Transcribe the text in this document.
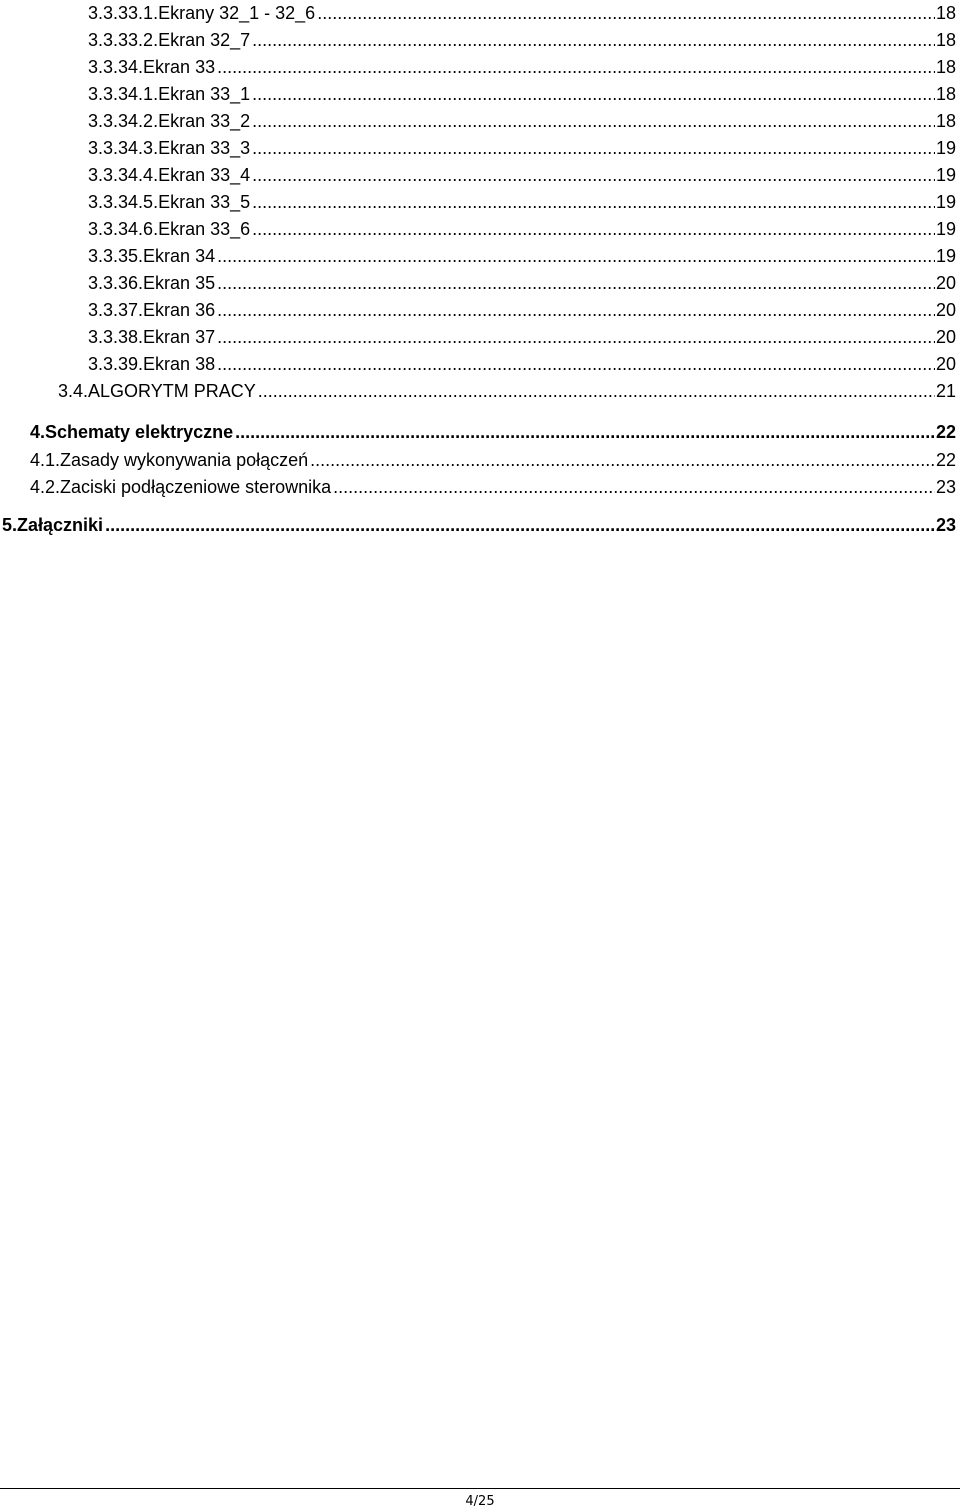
3.3.33.1 . Ekrany 32_1 - 32_6 .....	18
3.3.33.2 . Ekran 32_7 .....	18
3.3.34. Ekran 33 .....	18
3.3.34.1 . Ekran 33_1 .....	18
3.3.34.2 . Ekran 33_2 .....	18
3.3.34.3 . Ekran 33_3 .....	19
3.3.34.4 . Ekran 33_4 .....	19
3.3.34.5 . Ekran 33_5 .....	19
3.3.34.6 . Ekran 33_6 .....	19
3.3.35. Ekran 34 .....	19
3.3.36. Ekran 35 .....	20
3.3.37. Ekran 36 .....	20
3.3.38. Ekran 37 .....	20
3.3.39. Ekran 38 .....	20
3.4. ALGORYTM PRACY .....	21
4. Schematy elektryczne .....	22
4.1. Zasady wykonywania połączeń .....	22
4.2. Zaciski podłączeniowe sterownika .....	23
5. Załączniki .....	23
4/25
